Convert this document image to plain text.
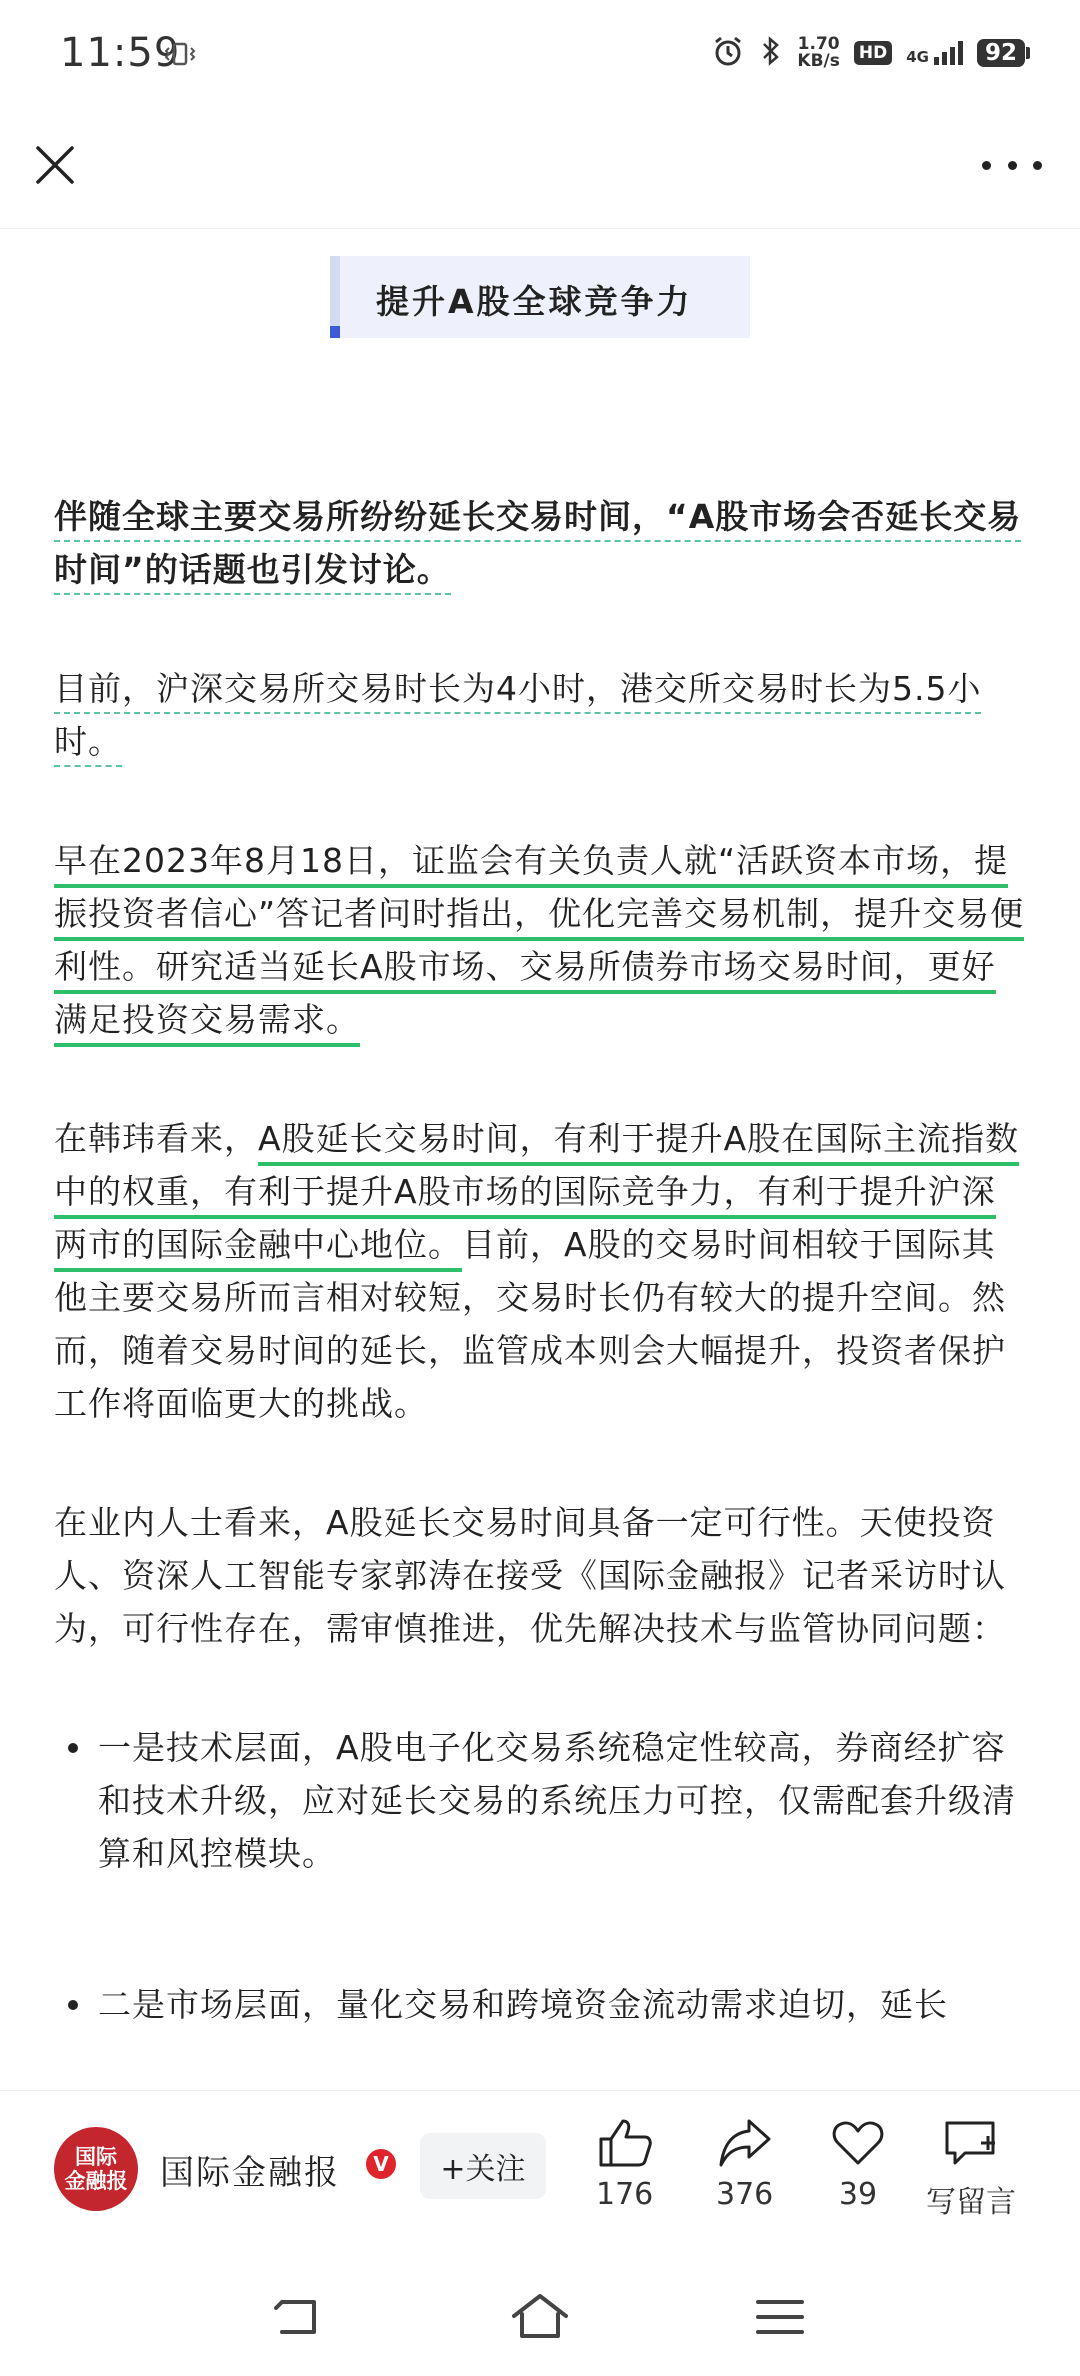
11:59	1.70
KB/s HD	4G	92
提升A股全球竞争力

伴随全球主要交易所纷纷延长交易时间，“A股市场会否延长交易时间”的话题也引发讨论。

目前，沪深交易所交易时长为4小时，港交所交易时长为5.5小时。

早在2023年8月18日，证监会有关负责人就“活跃资本市场，提振投资者信心”答记者问时指出，优化完善交易机制，提升交易便利性。研究适当延长A股市场、交易所债券市场交易时间，更好满足投资交易需求。

在韩玮看来，A股延长交易时间，有利于提升A股在国际主流指数中的权重，有利于提升A股市场的国际竞争力，有利于提升沪深两市的国际金融中心地位。目前，A股的交易时间相较于国际其他主要交易所而言相对较短，交易时长仍有较大的提升空间。然而，随着交易时间的延长，监管成本则会大幅提升，投资者保护工作将面临更大的挑战。

在业内人士看来，A股延长交易时间具备一定可行性。天使投资人、资深人工智能专家郭涛在接受《国际金融报》记者采访时认为，可行性存在，需审慎推进，优先解决技术与监管协同问题：

一是技术层面，A股电子化交易系统稳定性较高，券商经扩容和技术升级，应对延长交易的系统压力可控，仅需配套升级清算和风控模块。
二是市场层面，量化交易和跨境资金流动需求迫切，延长
国际
金融报 国际金融报	V	+关注
176 376 39 写留言
